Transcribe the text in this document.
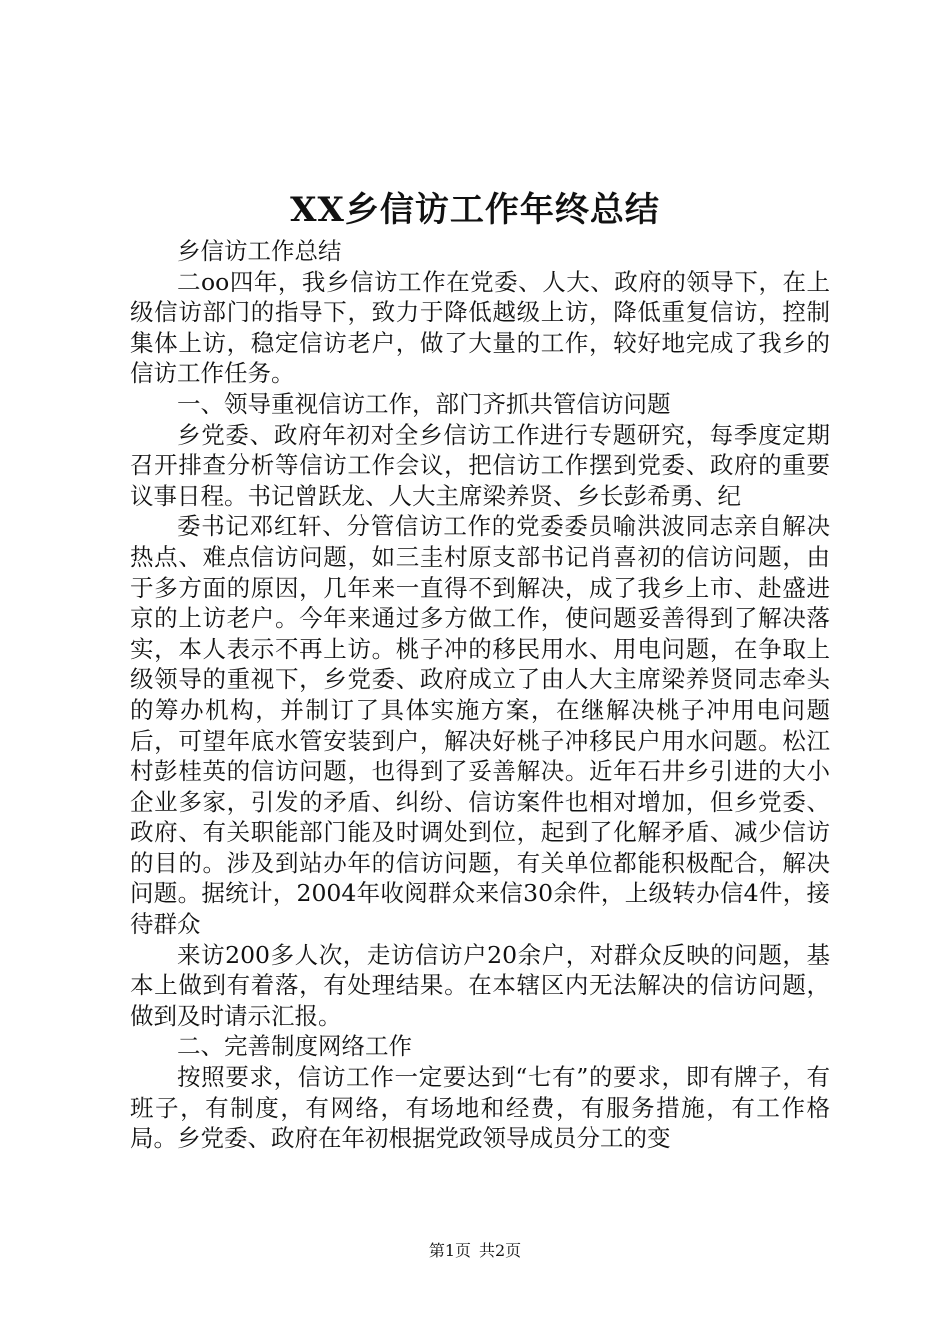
XX乡信访工作年终总结

乡信访工作总结

二oo四年，我乡信访工作在党委、人大、政府的领导下，在上级信访部门的指导下，致力于降低越级上访，降低重复信访，控制集体上访，稳定信访老户，做了大量的工作，较好地完成了我乡的信访工作任务。

一、领导重视信访工作，部门齐抓共管信访问题

乡党委、政府年初对全乡信访工作进行专题研究，每季度定期召开排查分析等信访工作会议，把信访工作摆到党委、政府的重要议事日程。书记曾跃龙、人大主席梁养贤、乡长彭希勇、纪

委书记邓红轩、分管信访工作的党委委员喻洪波同志亲自解决热点、难点信访问题，如三圭村原支部书记肖喜初的信访问题，由于多方面的原因，几年来一直得不到解决，成了我乡上市、赴盛进京的上访老户。今年来通过多方做工作，使问题妥善得到了解决落实，本人表示不再上访。桃子冲的移民用水、用电问题，在争取上级领导的重视下，乡党委、政府成立了由人大主席梁养贤同志牵头的筹办机构，并制订了具体实施方案，在继解决桃子冲用电问题后，可望年底水管安装到户，解决好桃子冲移民户用水问题。松江村彭桂英的信访问题，也得到了妥善解决。近年石井乡引进的大小企业多家，引发的矛盾、纠纷、信访案件也相对增加，但乡党委、政府、有关职能部门能及时调处到位，起到了化解矛盾、减少信访的目的。涉及到站办年的信访问题，有关单位都能积极配合，解决问题。据统计，2004年收阅群众来信30余件，上级转办信4件，接待群众

来访200多人次，走访信访户20余户，对群众反映的问题，基本上做到有着落，有处理结果。在本辖区内无法解决的信访问题，做到及时请示汇报。

二、完善制度网络工作

按照要求，信访工作一定要达到“七有”的要求，即有牌子，有班子，有制度，有网络，有场地和经费，有服务措施，有工作格局。乡党委、政府在年初根据党政领导成员分工的变

第1页 共2页
